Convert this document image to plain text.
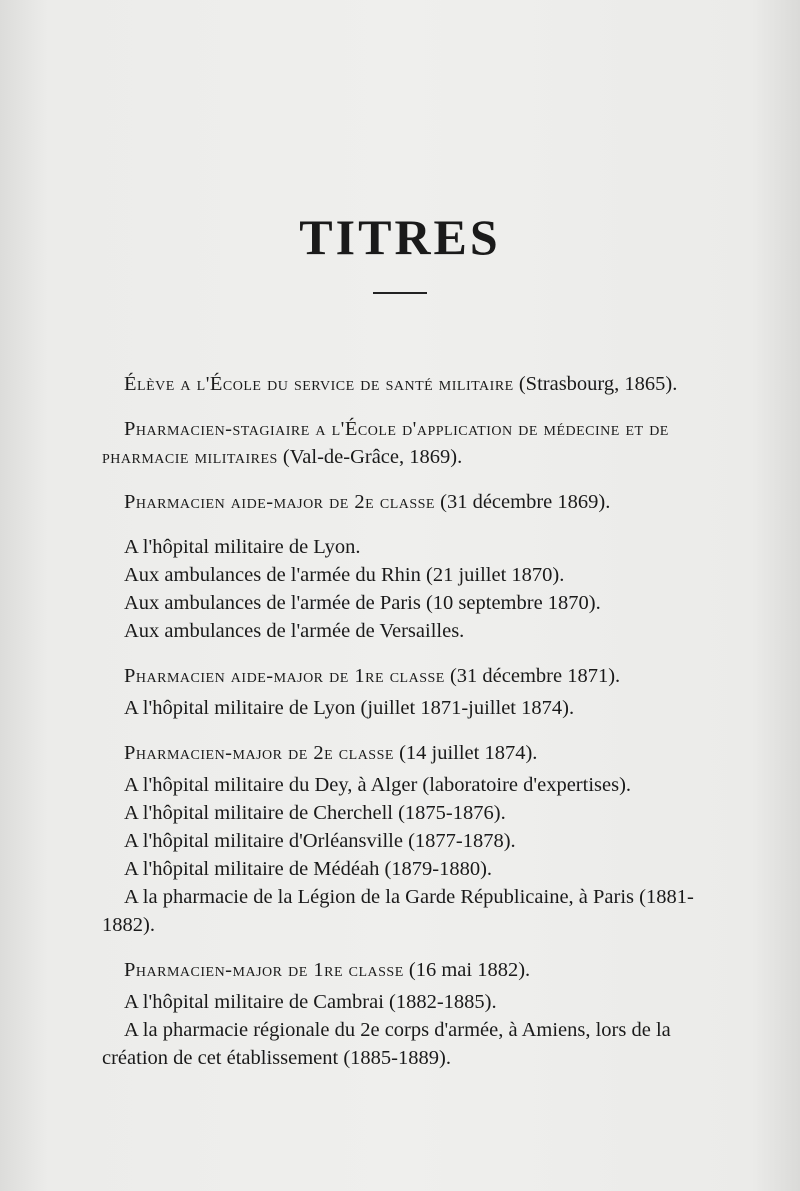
TITRES

Élève a l'École du service de santé militaire (Strasbourg, 1865).

Pharmacien-stagiaire a l'École d'application de médecine et de pharmacie militaires (Val-de-Grâce, 1869).

Pharmacien aide-major de 2e classe (31 décembre 1869).

A l'hôpital militaire de Lyon.

Aux ambulances de l'armée du Rhin (21 juillet 1870).

Aux ambulances de l'armée de Paris (10 septembre 1870).

Aux ambulances de l'armée de Versailles.

Pharmacien aide-major de 1re classe (31 décembre 1871).

A l'hôpital militaire de Lyon (juillet 1871-juillet 1874).

Pharmacien-major de 2e classe (14 juillet 1874).

A l'hôpital militaire du Dey, à Alger (laboratoire d'expertises).

A l'hôpital militaire de Cherchell (1875-1876).

A l'hôpital militaire d'Orléansville (1877-1878).

A l'hôpital militaire de Médéah (1879-1880).

A la pharmacie de la Légion de la Garde Républicaine, à Paris (1881-1882).

Pharmacien-major de 1re classe (16 mai 1882).

A l'hôpital militaire de Cambrai (1882-1885).

A la pharmacie régionale du 2e corps d'armée, à Amiens, lors de la création de cet établissement (1885-1889).
